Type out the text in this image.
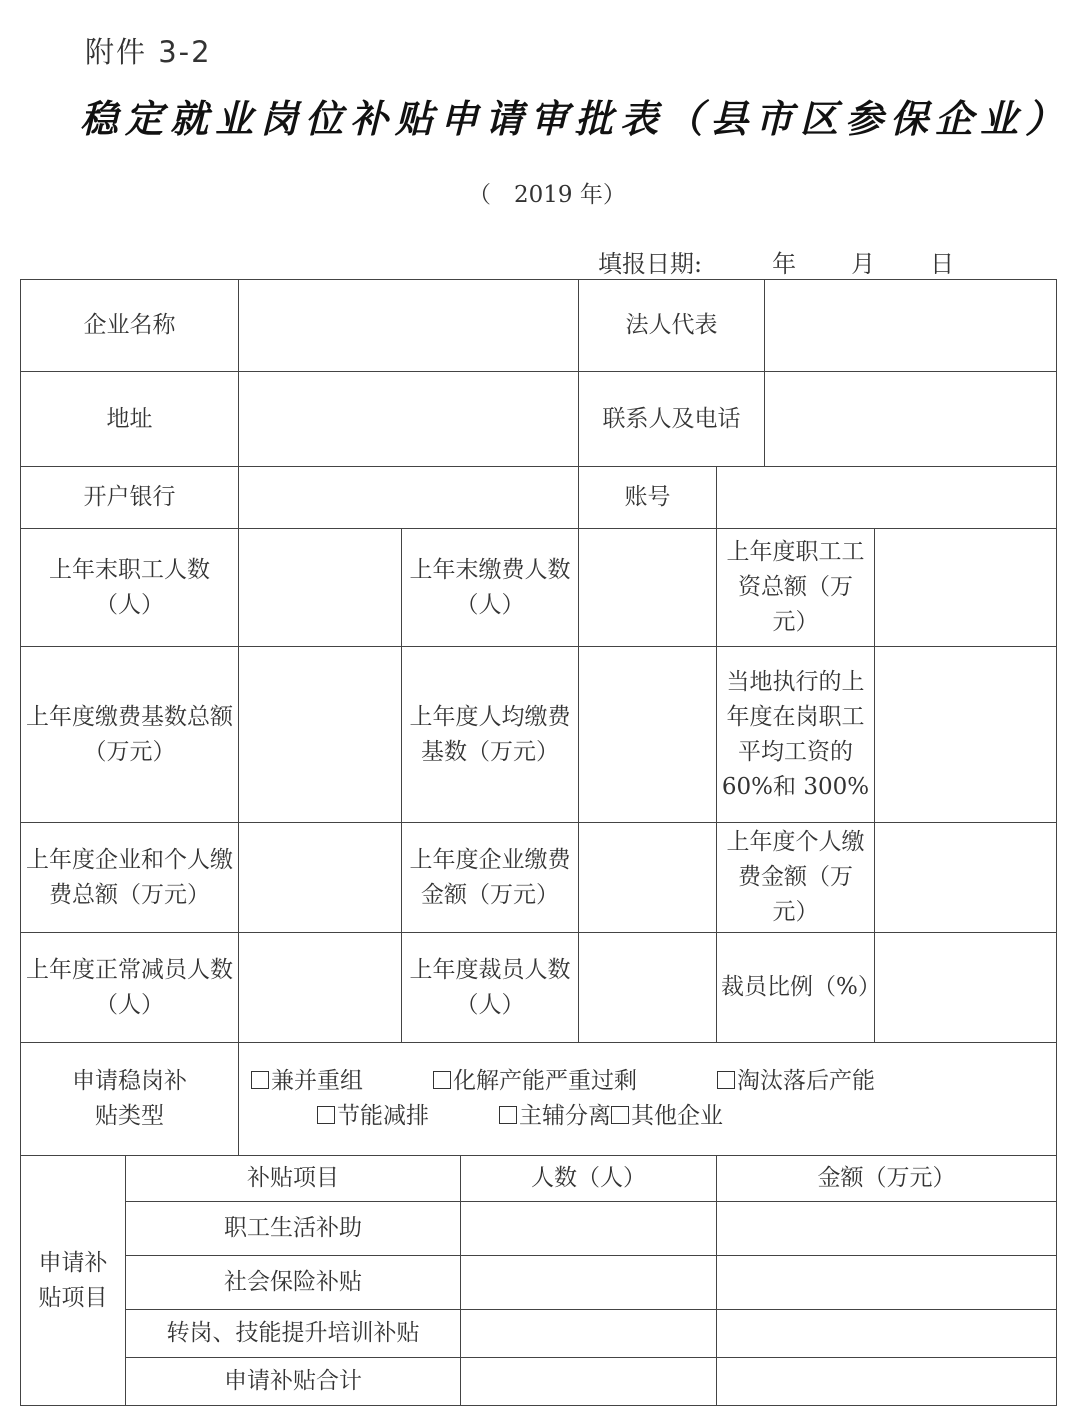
附件 3-2
稳定就业岗位补贴申请审批表（县市区参保企业）
（　2019 年）
填报日期:	年 月 日
企业名称		法人代表		
地址		联系人及电话		
开户银行		账号		
上年末职工人数（人）		上年末缴费人数（人）		上年度职工工资总额（万元）	
上年度缴费基数总额（万元）		上年度人均缴费基数（万元）		当地执行的上年度在岗职工平均工资的 60%和 300%	
上年度企业和个人缴费总额（万元）		上年度企业缴费金额（万元）		上年度个人缴费金额（万元）	
上年度正常减员人数（人）		上年度裁员人数（人）		裁员比例（%）	
申请稳岗补贴类型	兼并重组 化解产能严重过剩 淘汰落后产能
节能减排 主辅分离 其他企业				
申请补贴项目	补贴项目	人数（人）	金额（万元）
	职工生活补助		
	社会保险补贴		
	转岗、技能提升培训补贴		
	申请补贴合计		
